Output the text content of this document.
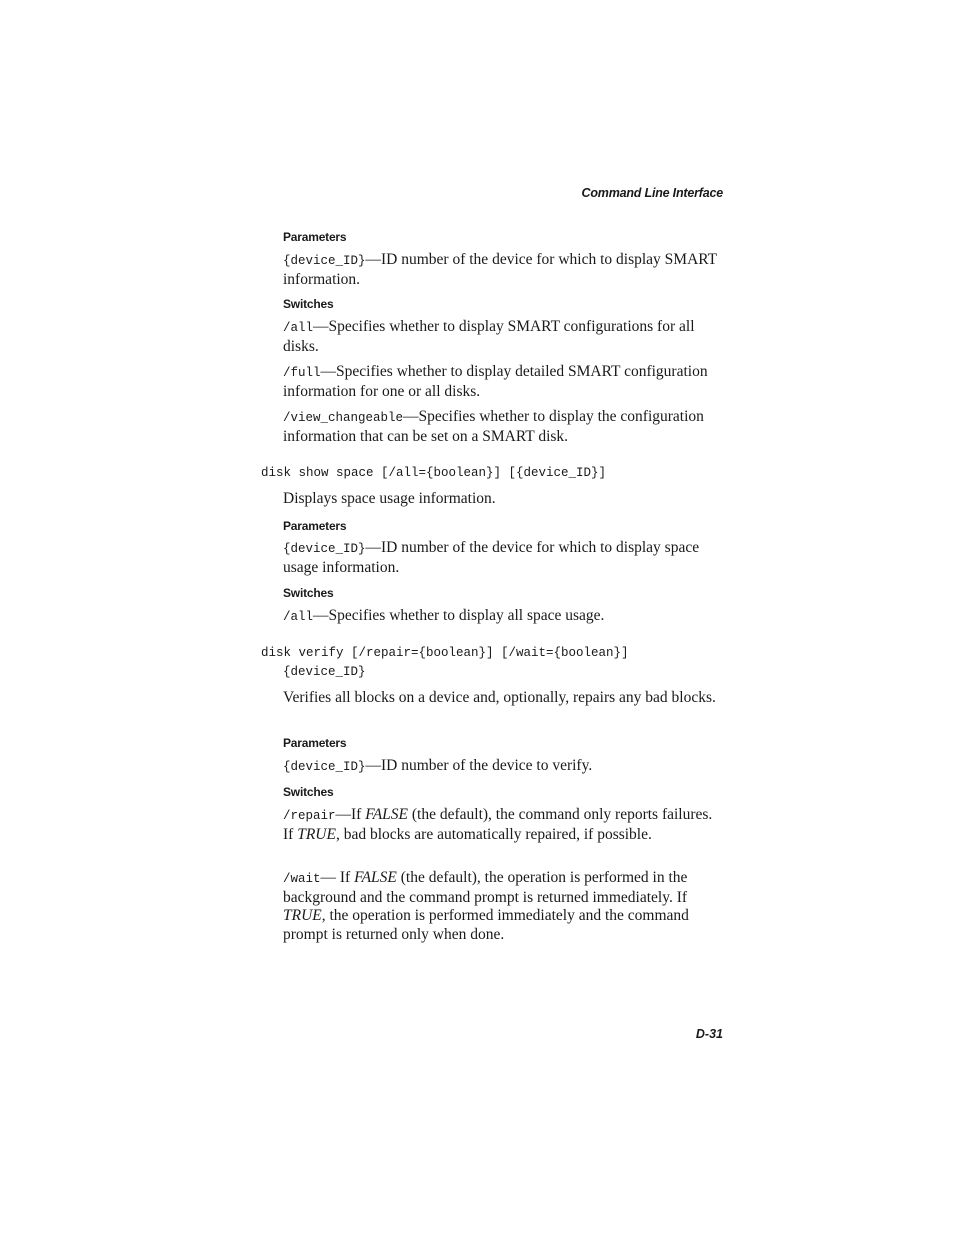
Command Line Interface
Parameters

{device_ID}—ID number of the device for which to display SMART information.

Switches

/all—Specifies whether to display SMART configurations for all disks.

/full—Specifies whether to display detailed SMART configuration information for one or all disks.

/view_changeable—Specifies whether to display the configuration information that can be set on a SMART disk.

disk show space [/all={boolean}] [{device_ID}]

Displays space usage information.

Parameters

{device_ID}—ID number of the device for which to display space usage information.

Switches

/all—Specifies whether to display all space usage.

disk verify [/repair={boolean}] [/wait={boolean}]

{device_ID}

Verifies all blocks on a device and, optionally, repairs any bad blocks.

Parameters

{device_ID}—ID number of the device to verify.

Switches

/repair—If FALSE (the default), the command only reports failures. If TRUE, bad blocks are automatically repaired, if possible.

/wait— If FALSE (the default), the operation is performed in the background and the command prompt is returned immediately. If TRUE, the operation is performed immediately and the command prompt is returned only when done.

D-31
